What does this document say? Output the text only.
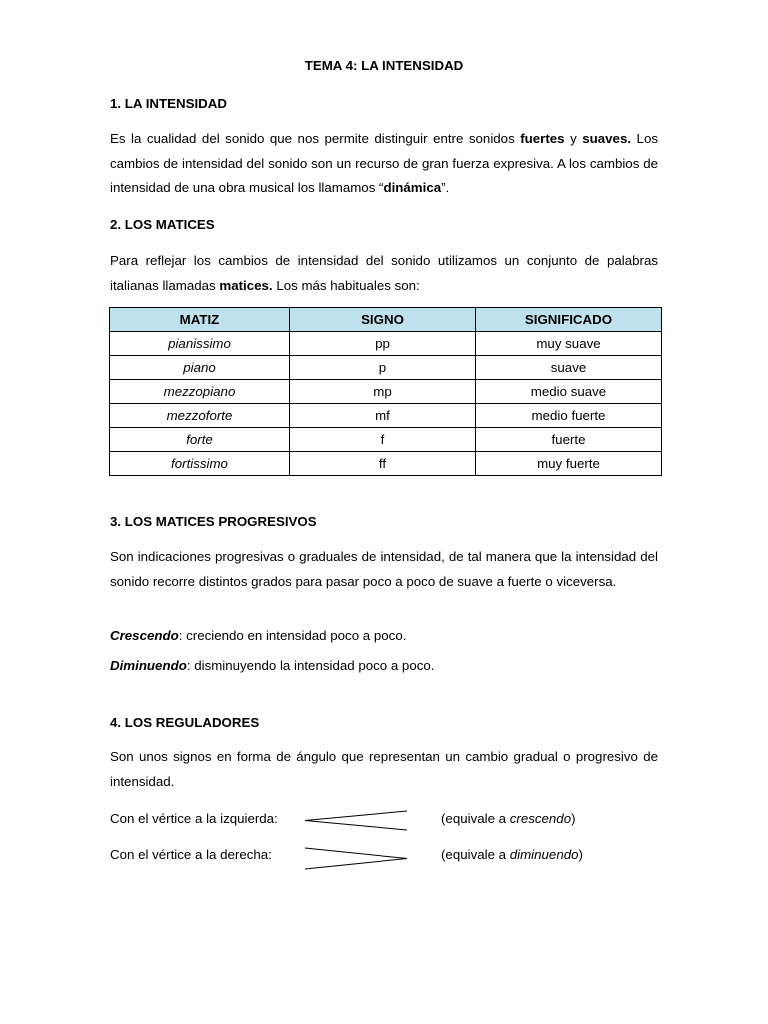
TEMA 4: LA INTENSIDAD
1. LA INTENSIDAD
Es la cualidad del sonido que nos permite distinguir entre sonidos fuertes y suaves. Los cambios de intensidad del sonido son un recurso de gran fuerza expresiva. A los cambios de intensidad de una obra musical los llamamos “dinámica”.
2. LOS MATICES
Para reflejar los cambios de intensidad del sonido utilizamos un conjunto de palabras italianas llamadas matices. Los más habituales son:
MATIZ	SIGNO	SIGNIFICADO
pianissimo	pp	muy suave
piano	p	suave
mezzopiano	mp	medio suave
mezzoforte	mf	medio fuerte
forte	f	fuerte
fortissimo	ff	muy fuerte
3. LOS MATICES PROGRESIVOS
Son indicaciones progresivas o graduales de intensidad, de tal manera que la intensidad del sonido recorre distintos grados para pasar poco a poco de suave a fuerte o viceversa.
Crescendo: creciendo en intensidad poco a poco.
Diminuendo: disminuyendo la intensidad poco a poco.
4. LOS REGULADORES
Son unos signos en forma de ángulo que representan un cambio gradual o progresivo de intensidad.
Con el vértice a la izquierda:	(equivale a crescendo)
Con el vértice a la derecha:	(equivale a diminuendo)
